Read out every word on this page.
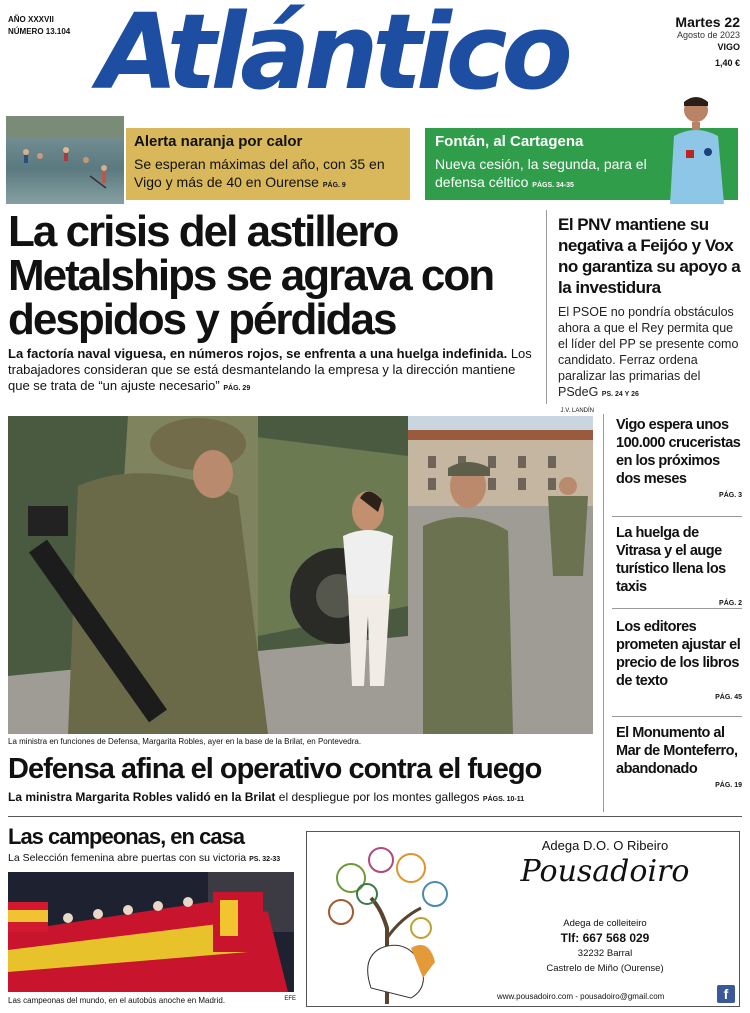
AÑO XXXVII
NÚMERO 13.104 Atlántico	Martes 22
Agosto de 2023
VIGO
1,40 €
Alerta naranja por calor
Se esperan máximas del año, con 35 en Vigo y más de 40 en Ourense PÁG. 9
Fontán, al Cartagena
Nueva cesión, la segunda, para el defensa céltico PÁGS. 34-35
La crisis del astillero Metalships se agrava con despidos y pérdidas
La factoría naval viguesa, en números rojos, se enfrenta a una huelga indefinida. Los trabajadores consideran que se está desmantelando la empresa y la dirección mantiene que se trata de “un ajuste necesario” PÁG. 29
El PNV mantiene su negativa a Feijóo y Vox no garantiza su apoyo a la investidura
El PSOE no pondría obstáculos ahora a que el Rey permita que el líder del PP se presente como candidato. Ferraz ordena paralizar las primarias del PSdeG PS. 24 Y 26
J.V. LANDÍN
La ministra en funciones de Defensa, Margarita Robles, ayer en la base de la Brilat, en Pontevedra.
Defensa afina el operativo contra el fuego
La ministra Margarita Robles validó en la Brilat el despliegue por los montes gallegos PÁGS. 10-11
Vigo espera unos 100.000 cruceristas en los próximos dos meses
PÁG. 3
La huelga de Vitrasa y el auge turístico llena los taxis
PÁG. 2
Los editores prometen ajustar el precio de los libros de texto
PÁG. 45
El Monumento al Mar de Monteferro, abandonado
PÁG. 19
Las campeonas, en casa
La Selección femenina abre puertas con su victoria PS. 32-33
Las campeonas del mundo, en el autobús anoche en Madrid.	EFE
Adega D.O. O Ribeiro
Pousadoiro
Adega de colleiteiro
Tlf: 667 568 029
32232 Barral
Castrelo de Miño (Ourense)
www.pousadoiro.com - pousadoiro@gmail.com	f
